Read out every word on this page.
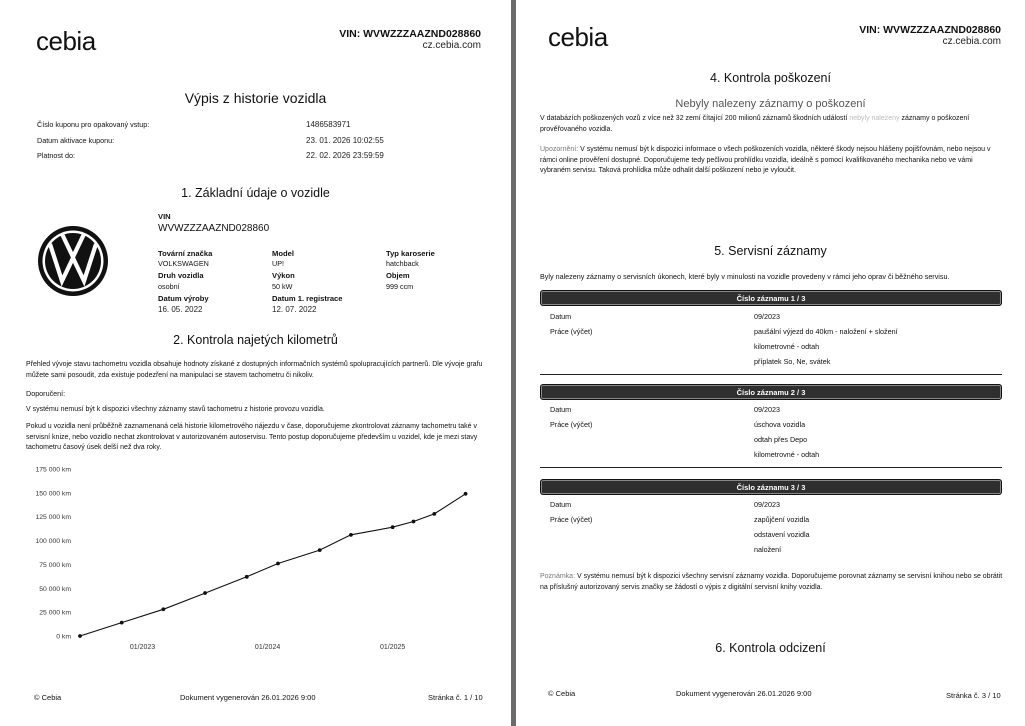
cebia	VIN: WVWZZZAAZND028860
cz.cebia.com
Výpis z historie vozidla
Číslo kuponu pro opakovaný vstup:	1486583971
Datum aktivace kuponu:	23. 01. 2026 10:02:55
Platnost do:	22. 02. 2026 23:59:59
1. Základní údaje o vozidle
VIN
WVWZZZAAZND028860
Tovární značka
VOLKSWAGEN
Model
UP!
Typ karoserie
hatchback
Druh vozidla
osobní
Výkon
50 kW
Objem
999 ccm
Datum výroby
16. 05. 2022
Datum 1. registrace
12. 07. 2022
2. Kontrola najetých kilometrů
Přehled vývoje stavu tachometru vozidla obsahuje hodnoty získané z dostupných informačních systémů spolupracujících partnerů. Dle vývoje grafu můžete sami posoudit, zda existuje podezření na manipulaci se stavem tachometru či nikoliv.
Doporučení:
V systému nemusí být k dispozici všechny záznamy stavů tachometru z historie provozu vozidla.
Pokud u vozidla není průběžně zaznamenaná celá historie kilometrového nájezdu v čase, doporučujeme zkontrolovat záznamy tachometru také v servisní knize, nebo vozidlo nechat zkontrolovat v autorizovaném autoservisu. Tento postup doporučujeme především u vozidel, kde je mezi stavy tachometru časový úsek delší než dva roky.
175 000 km
150 000 km
125 000 km
100 000 km
75 000 km
50 000 km
25 000 km
0 km
01/2023	01/2024	01/2025
© Cebia	Dokument vygenerován 26.01.2026 9:00	Stránka č. 1 / 10
cebia	VIN: WVWZZZAAZND028860
cz.cebia.com
4. Kontrola poškození
Nebyly nalezeny záznamy o poškození
V databázích poškozených vozů z více než 32 zemí čítající 200 milionů záznamů škodních událostí nebyly nalezeny záznamy o poškození prověřovaného vozidla.
Upozornění: V systému nemusí být k dispozici informace o všech poškozeních vozidla, některé škody nejsou hlášeny pojišťovnám, nebo nejsou v rámci online prověření dostupné. Doporučujeme tedy pečlivou prohlídku vozidla, ideálně s pomocí kvalifikovaného mechanika nebo ve vámi vybraném servisu. Taková prohlídka může odhalit další poškození nebo je vyloučit.
5. Servisní záznamy
Byly nalezeny záznamy o servisních úkonech, které byly v minulosti na vozidle provedeny v rámci jeho oprav či běžného servisu.
Číslo záznamu 1 / 3
Datum	09/2023
Práce (výčet)	paušální výjezd do 40km - naložení + složení
kilometrovné - odtah
příplatek So, Ne, svátek
Číslo záznamu 2 / 3
Datum	09/2023
Práce (výčet)	úschova vozidla
odtah přes Depo
kilometrovné - odtah
Číslo záznamu 3 / 3
Datum	09/2023
Práce (výčet)	zapůjčení vozidla
odstavení vozidla
naložení
Poznámka: V systému nemusí být k dispozici všechny servisní záznamy vozidla. Doporučujeme porovnat záznamy se servisní knihou nebo se obrátit na příslušný autorizovaný servis značky se žádostí o výpis z digitální servisní knihy vozidla.
6. Kontrola odcizení
© Cebia	Dokument vygenerován 26.01.2026 9:00	Stránka č. 3 / 10
